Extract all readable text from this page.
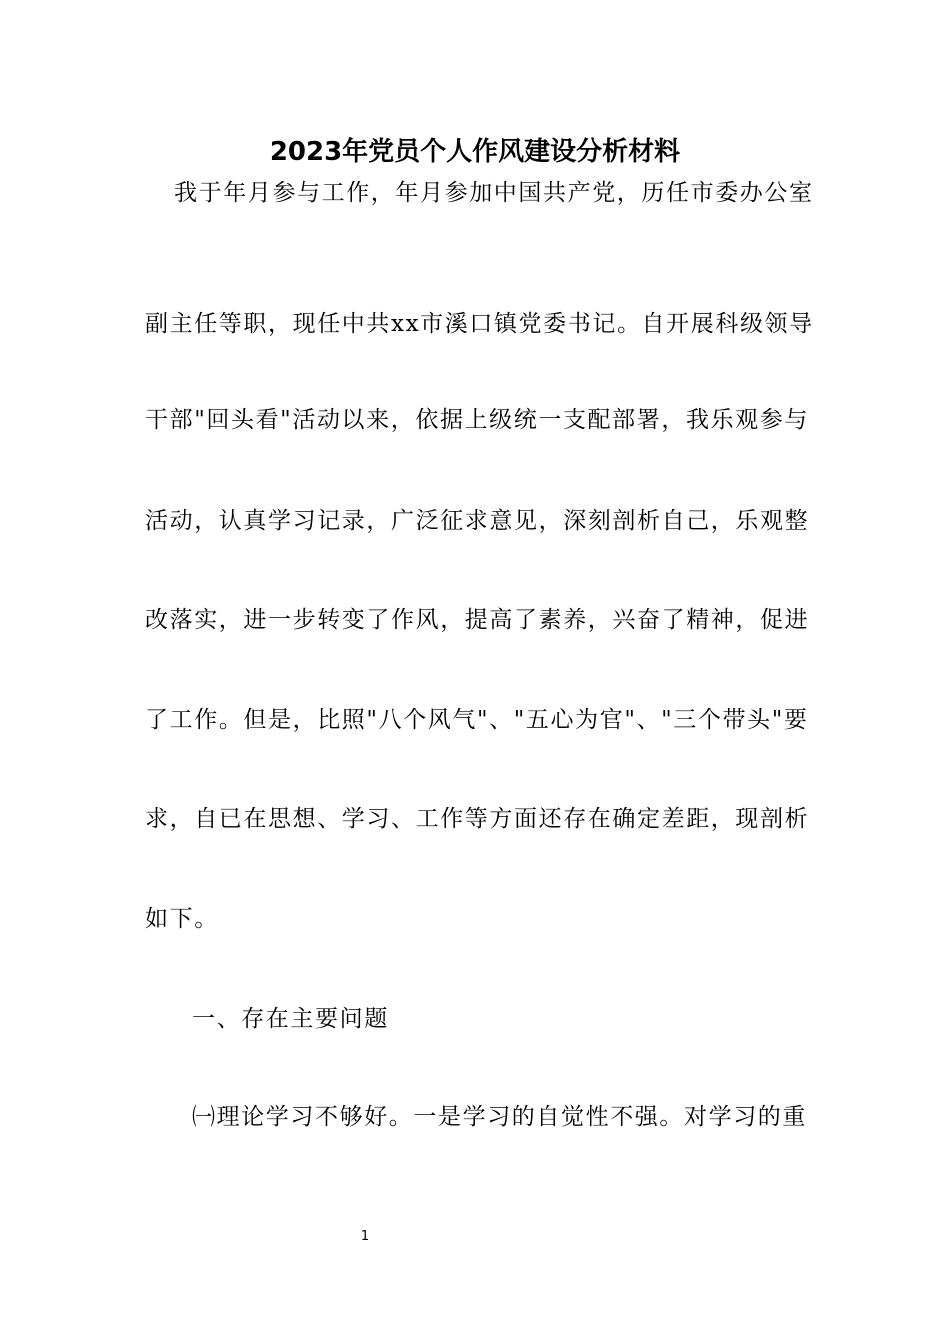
2023年党员个人作风建设分析材料

我于年月参与工作，年月参加中国共产党，历任市委办公室

副主任等职，现任中共xx市溪口镇党委书记。自开展科级领导

干部"回头看"活动以来，依据上级统一支配部署，我乐观参与

活动，认真学习记录，广泛征求意见，深刻剖析自己，乐观整

改落实，进一步转变了作风，提高了素养，兴奋了精神，促进

了工作。但是，比照"八个风气"、"五心为官"、"三个带头"要

求，自已在思想、学习、工作等方面还存在确定差距，现剖析

如下。

一、存在主要问题

㈠理论学习不够好。一是学习的自觉性不强。对学习的重

1
